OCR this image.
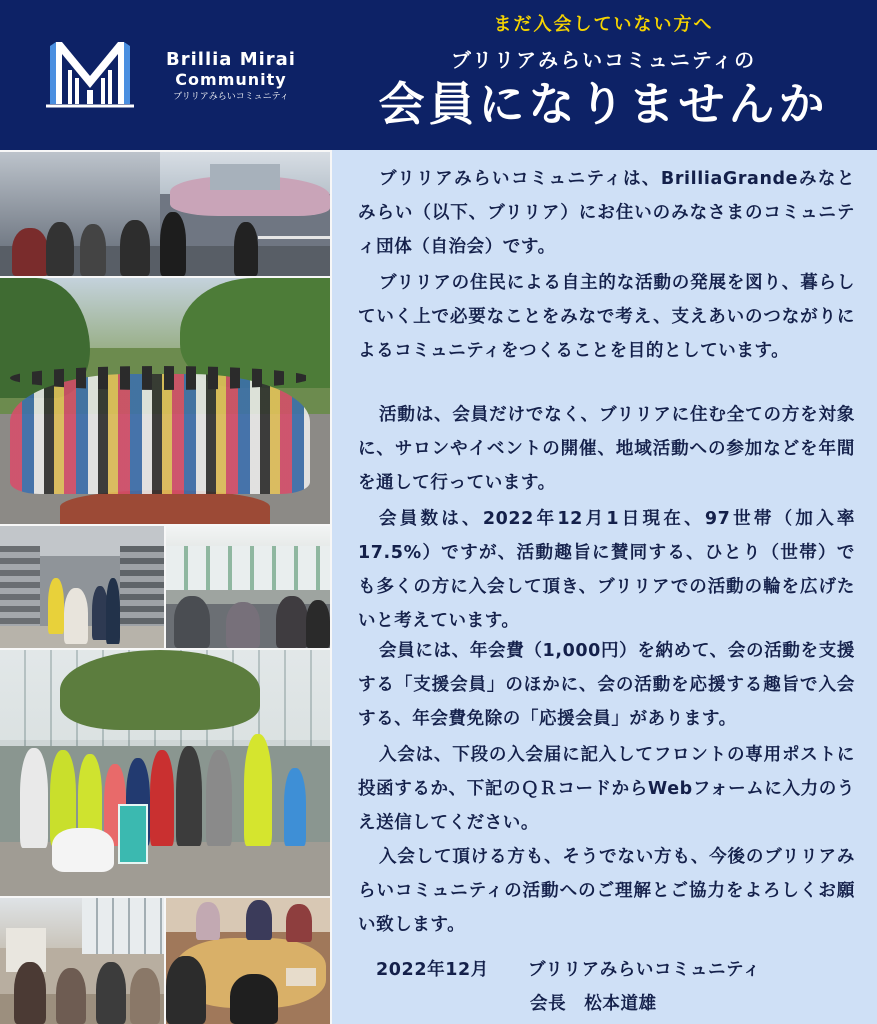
Brillia Mirai
Community
ブリリアみらいコミュニティ
まだ入会していない方へ
ブリリアみらいコミュニティの
会員になりませんか

ブリリアみらいコミュニティは、BrilliaGrandeみなとみらい（以下、ブリリア）にお住いのみなさまのコミュニティ団体（自治会）です。

ブリリアの住民による自主的な活動の発展を図り、暮らしていく上で必要なことをみなで考え、支えあいのつながりによるコミュニティをつくることを目的としています。

活動は、会員だけでなく、ブリリアに住む全ての方を対象に、サロンやイベントの開催、地域活動への参加などを年間を通して行っています。

会員数は、2022年12月1日現在、97世帯（加入率17.5%）ですが、活動趣旨に賛同する、ひとり（世帯）でも多くの方に入会して頂き、ブリリアでの活動の輪を広げたいと考えています。

会員には、年会費（1,000円）を納めて、会の活動を支援する「支援会員」のほかに、会の活動を応援する趣旨で入会する、年会費免除の「応援会員」があります。

入会は、下段の入会届に記入してフロントの専用ポストに投函するか、下記のＱＲコードからWebフォームに入力のうえ送信してください。

入会して頂ける方も、そうでない方も、今後のブリリアみらいコミュニティの活動へのご理解とご協力をよろしくお願い致します。

2022年12月 ブリリアみらいコミュニティ
会長　松本道雄
